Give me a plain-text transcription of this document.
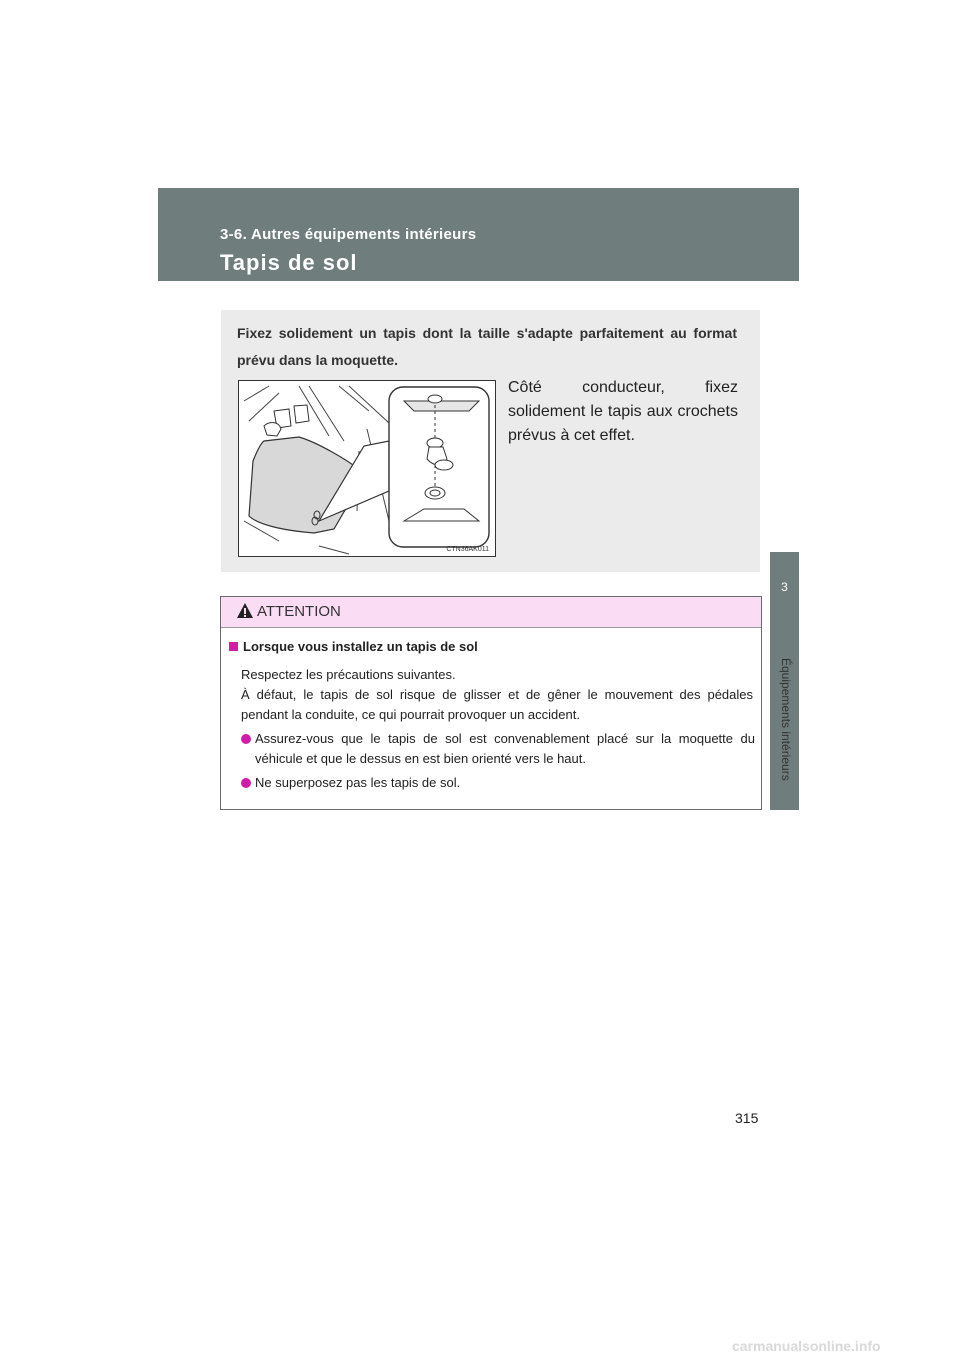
3-6. Autres équipements intérieurs
Tapis de sol
3
Équipements intérieurs
Fixez solidement un tapis dont la taille s'adapte parfaitement au format prévu dans la moquette.
CTN36AK011
Côté conducteur, fixez solidement le tapis aux crochets prévus à cet effet.
ATTENTION
Lorsque vous installez un tapis de sol

Respectez les précautions suivantes.

À défaut, le tapis de sol risque de glisser et de gêner le mouvement des pédales pendant la conduite, ce qui pourrait provoquer un accident.

Assurez-vous que le tapis de sol est convenablement placé sur la moquette du véhicule et que le dessus en est bien orienté vers le haut.
Ne superposez pas les tapis de sol.
315
carmanualsonline.info
